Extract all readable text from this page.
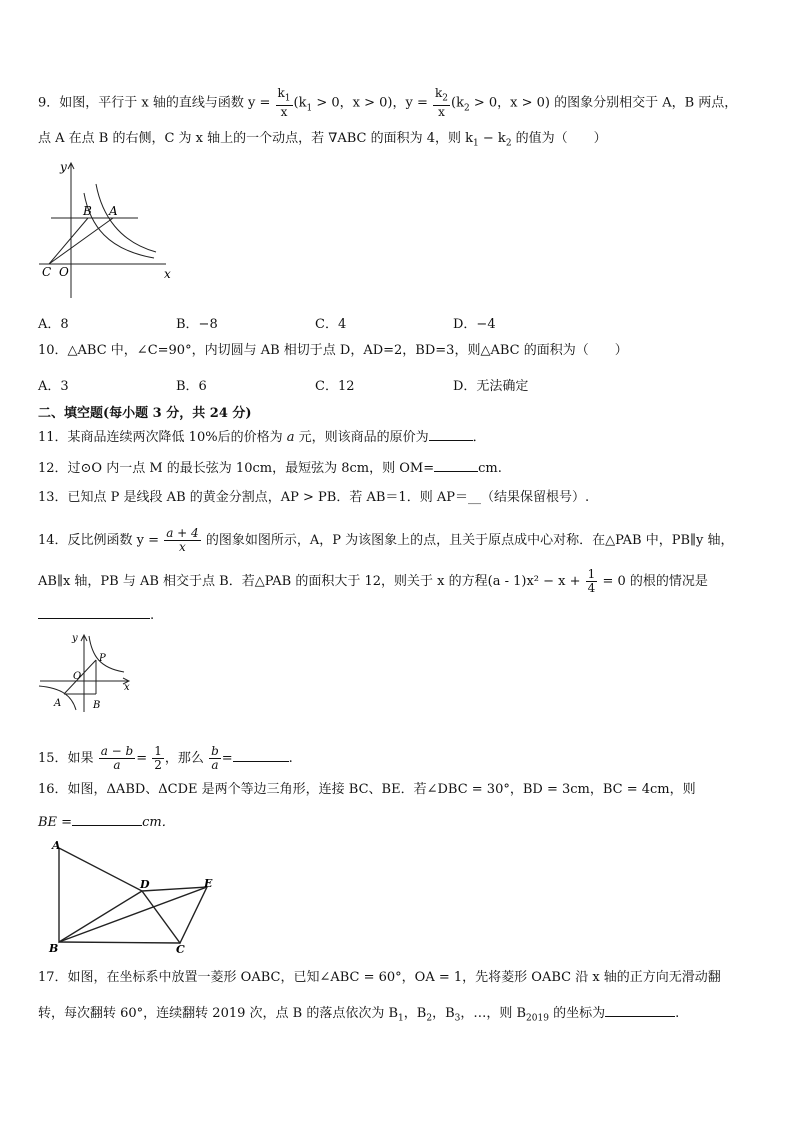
9．如图，平行于 x 轴的直线与函数 $y = \frac{k_1}{x} (k_1 > 0$，x > 0)，$y = \frac{k_2}{x} (k_2 > 0$，x > 0) 的图象分别相交于 A，B 两点，
点 A 在点 B 的右侧，C 为 x 轴上的一个动点，若 ∇ABC 的面积为 4，则 $k_1 - k_2$ 的值为（　　）
y
x
B A
C O
A．8	B．−8	C．4	D．−4
10．△ABC 中，∠C=90°，内切圆与 AB 相切于点 D，AD=2，BD=3，则△ABC 的面积为（　　）
A．3	B．6	C．12	D．无法确定
二、填空题(每小题 3 分，共 24 分)
11．某商品连续两次降低 10%后的价格为 a 元，则该商品的原价为	．
12．过⊙O 内一点 M 的最长弦为 10cm，最短弦为 8cm，则 OM=	cm.
13．已知点 P 是线段 AB 的黄金分割点，AP > PB．若 AB＝1．则 AP＝__（结果保留根号）.
14．反比例函数 $y = \frac{a + 4}{x}$ 的图象如图所示，A，P 为该图象上的点，且关于原点成中心对称．在△PAB 中，PB∥y 轴，
AB∥x 轴，PB 与 AB 相交于点 B．若△PAB 的面积大于 12，则关于 x 的方程$(a - 1)x^2 - x + \frac{1}{4} = 0$ 的根的情况是
.
y
x
O
P
A	B
15．如果 $\frac{a - b}{a} = \frac{1}{2}$ ，那么 $\frac{b}{a}$ =	.
16．如图，ΔABD、ΔCDE 是两个等边三角形，连接 BC、BE．若∠DBC = 30°，BD = 3cm，BC = 4cm，则
BE =	cm．
A
D	E
B	C
17．如图，在坐标系中放置一菱形 OABC，已知∠ABC = 60°，OA = 1，先将菱形 OABC 沿 x 轴的正方向无滑动翻
转，每次翻转 60°，连续翻转 2019 次，点 B 的落点依次为 $B_1$，$B_2$，$B_3$，…，则 $B_{2019}$ 的坐标为	.
